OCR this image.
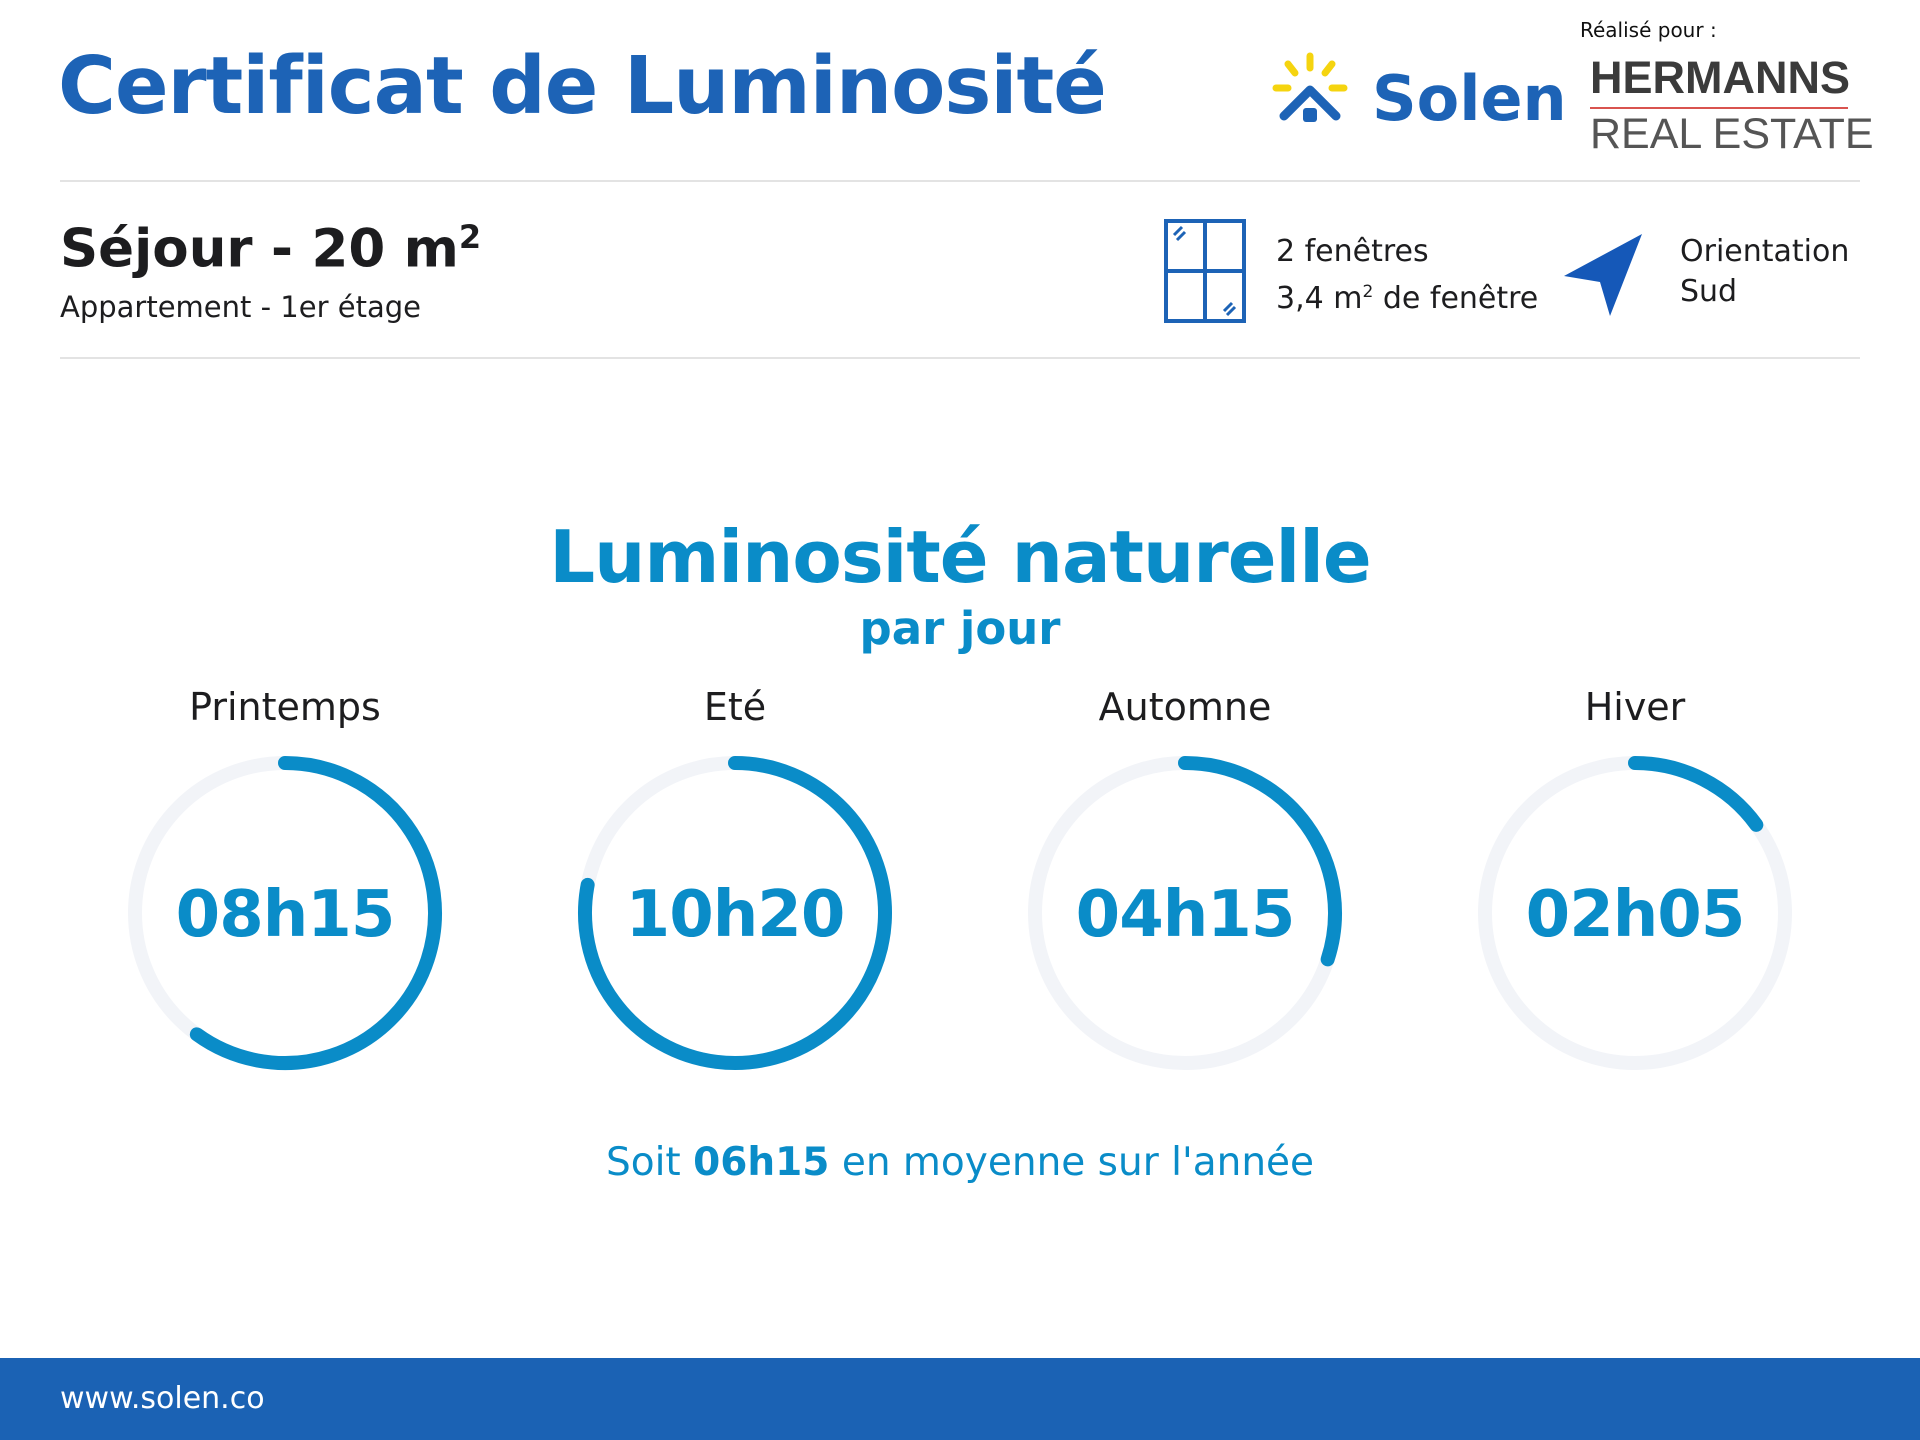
Certificat de Luminosité	Solen
Réalisé pour :
HERMANNS
REAL ESTATE
Séjour - 20 $m^2$
Appartement - 1er étage
2 fenêtres
3,4 $m^2$ de fenêtre
Orientation
Sud
Luminosité naturelle
par jour
Printemps	Eté	Automne	Hiver
08h15	10h20	04h15	02h05
Soit 06h15 en moyenne sur l'année
www.solen.co
